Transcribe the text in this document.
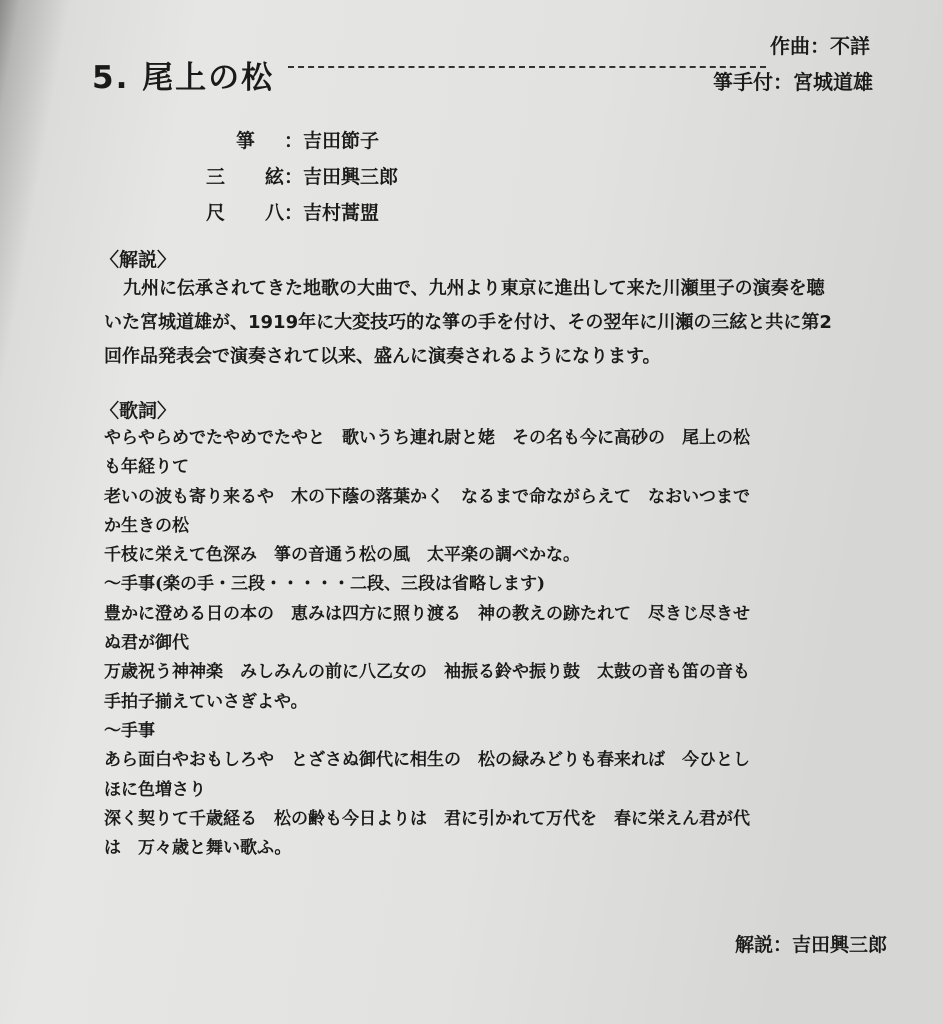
5. 尾上の松
作曲：不詳
箏手付：宮城道雄
箏 ：吉田節子
三絃：吉田興三郎
尺八：吉村蒿盟
〈解説〉
九州に伝承されてきた地歌の大曲で、九州より東京に進出して来た川瀬里子の演奏を聴
いた宮城道雄が、1919年に大変技巧的な箏の手を付け、その翌年に川瀬の三絃と共に第2
回作品発表会で演奏されて以来、盛んに演奏されるようになります。
〈歌詞〉
やらやらめでたやめでたやと　歌いうち連れ尉と姥　その名も今に高砂の　尾上の松
も年経りて
老いの波も寄り来るや　木の下蔭の落葉かく　なるまで命ながらえて　なおいつまで
か生きの松
千枝に栄えて色深み　箏の音通う松の風　太平楽の調べかな。
〜手事(楽の手・三段・・・・・二段、三段は省略します)
豊かに澄める日の本の　恵みは四方に照り渡る　神の教えの跡たれて　尽きじ尽きせ
ぬ君が御代
万歳祝う神神楽　みしみんの前に八乙女の　袖振る鈴や振り鼓　太鼓の音も笛の音も
手拍子揃えていさぎよや。
〜手事
あら面白やおもしろや　とざさぬ御代に相生の　松の緑みどりも春来れば　今ひとし
ほに色増さり
深く契りて千歳経る　松の齢も今日よりは　君に引かれて万代を　春に栄えん君が代
は　万々歳と舞い歌ふ。
解説：吉田興三郎
